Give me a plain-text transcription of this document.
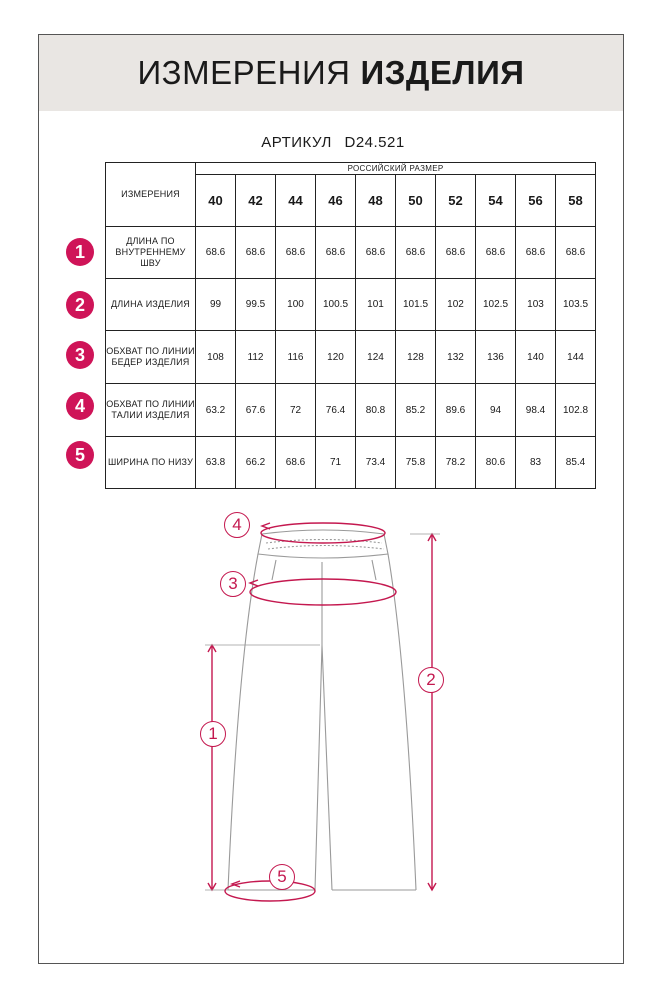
ИЗМЕРЕНИЯ ИЗДЕЛИЯ
АРТИКУЛ D24.521
ИЗМЕРЕНИЯ	РОССИЙСКИЙ РАЗМЕР									
	40	42	44	46	48	50	52	54	56	58
ДЛИНА ПО ВНУТРЕННЕМУ ШВУ	68.6	68.6	68.6	68.6	68.6	68.6	68.6	68.6	68.6	68.6
ДЛИНА ИЗДЕЛИЯ	99	99.5	100	100.5	101	101.5	102	102.5	103	103.5
ОБХВАТ ПО ЛИНИИ БЕДЕР ИЗДЕЛИЯ	108	112	116	120	124	128	132	136	140	144
ОБХВАТ ПО ЛИНИИ ТАЛИИ ИЗДЕЛИЯ	63.2	67.6	72	76.4	80.8	85.2	89.6	94	98.4	102.8
ШИРИНА ПО НИЗУ	63.8	66.2	68.6	71	73.4	75.8	78.2	80.6	83	85.4
1
2
3
4
5
4
3
2
1
5
